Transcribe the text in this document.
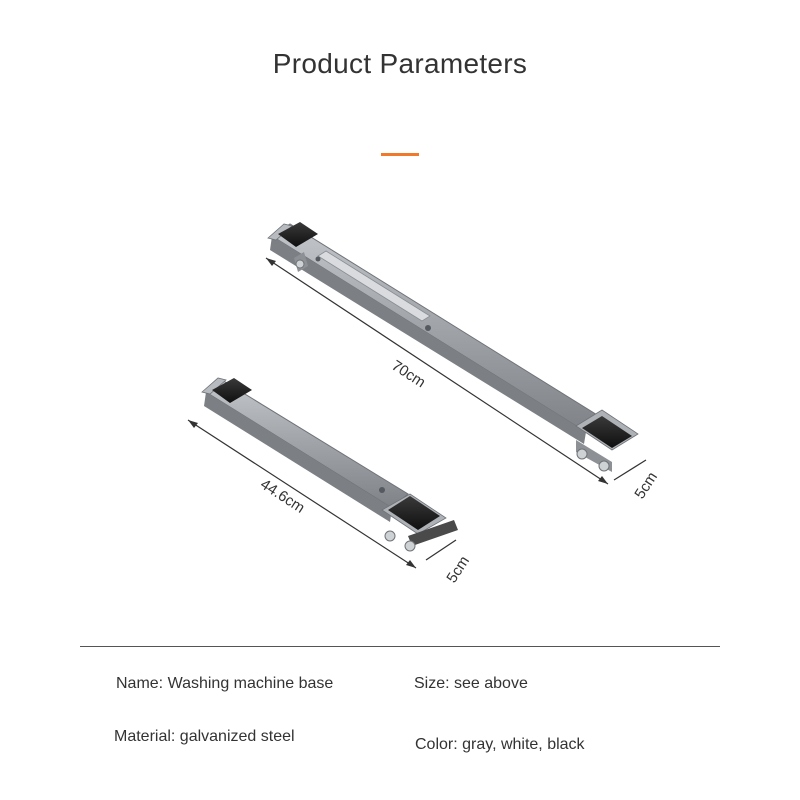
Product Parameters
70cm
5cm
44.6cm
5cm
Name: Washing machine base	Size: see above
Material: galvanized steel	Color: gray, white, black
